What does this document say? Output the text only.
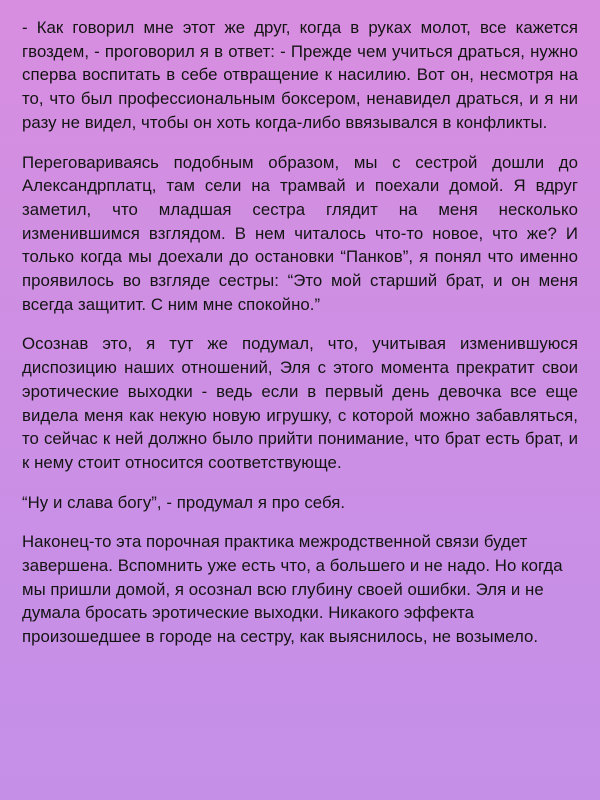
- Как говорил мне этот же друг, когда в руках молот, все кажется гвоздем, - проговорил я в ответ: - Прежде чем учиться драться, нужно сперва воспитать в себе отвращение к насилию. Вот он, несмотря на то, что был профессиональным боксером, ненавидел драться, и я ни разу не видел, чтобы он хоть когда-либо ввязывался в конфликты.

Переговариваясь подобным образом, мы с сестрой дошли до Александрплатц, там сели на трамвай и поехали домой. Я вдруг заметил, что младшая сестра глядит на меня несколько изменившимся взглядом. В нем читалось что-то новое, что же? И только когда мы доехали до остановки “Панков”, я понял что именно проявилось во взгляде сестры: “Это мой старший брат, и он меня всегда защитит. С ним мне спокойно.”

Осознав это, я тут же подумал, что, учитывая изменившуюся диспозицию наших отношений, Эля с этого момента прекратит свои эротические выходки - ведь если в первый день девочка все еще видела меня как некую новую игрушку, с которой можно забавляться, то сейчас к ней должно было прийти понимание, что брат есть брат, и к нему стоит относится соответствующе.

“Ну и слава богу”, - продумал я про себя.

Наконец-то эта порочная практика межродственной связи будет завершена. Вспомнить уже есть что, а большего и не надо. Но когда мы пришли домой, я осознал всю глубину своей ошибки. Эля и не думала бросать эротические выходки. Никакого эффекта произошедшее в городе на сестру, как выяснилось, не возымело.
